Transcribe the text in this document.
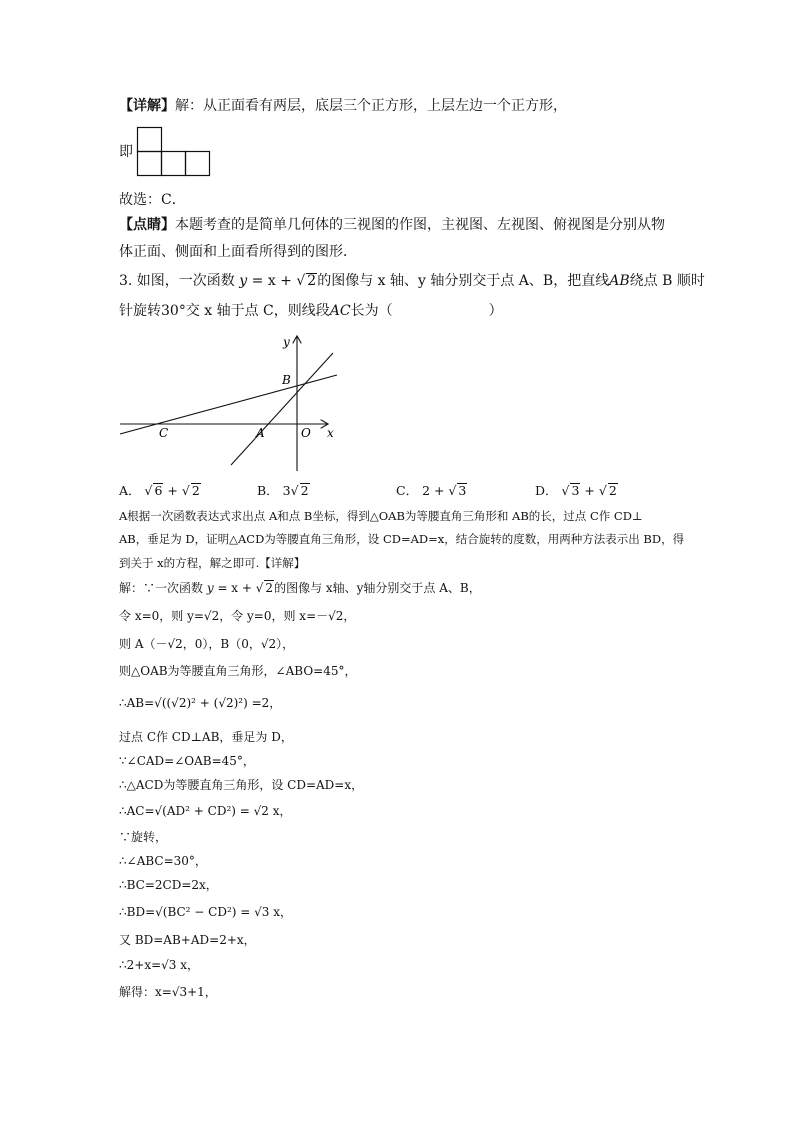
【详解】解：从正面看有两层，底层三个正方形，上层左边一个正方形，
即
故选：C．
【点睛】本题考查的是简单几何体的三视图的作图，主视图、左视图、俯视图是分别从物
体正面、侧面和上面看所得到的图形．
3. 如图，一次函数 y = x + √ 2的图像与 x 轴、y 轴分别交于点 A、B，把直线AB绕点 B 顺时
针旋转30°交 x 轴于点 C，则线段AC长为（	）
y
x
B
C	A	O
A． √ 6 + √ 2	B． 3√ 2	C． 2 + √ 3	D． √ 3 + √ 2
A根据一次函数表达式求出点 A和点 B坐标，得到△OAB为等腰直角三角形和 AB的长，过点 C作 CD⊥
AB，垂足为 D，证明△ACD为等腰直角三角形，设 CD=AD=x，结合旋转的度数，用两种方法表示出 BD，得
到关于 x的方程，解之即可.【详解】
解：∵一次函数 y = x + √ 2的图像与 x轴、y轴分别交于点 A、B，
令 x=0，则 y=√2，令 y=0，则 x=－√2，
则 A（－√2，0），B（0，√2），
则△OAB为等腰直角三角形，∠ABO=45°，
∴AB=√((√2)² + (√2)²) =2，
过点 C作 CD⊥AB，垂足为 D，
∵∠CAD=∠OAB=45°，
∴△ACD为等腰直角三角形，设 CD=AD=x，
∴AC=√(AD² + CD²) = √2 x，
∵旋转，
∴∠ABC=30°，
∴BC=2CD=2x，
∴BD=√(BC² − CD²) = √3 x，
又 BD=AB+AD=2+x，
∴2+x=√3 x，
解得：x=√3+1，
